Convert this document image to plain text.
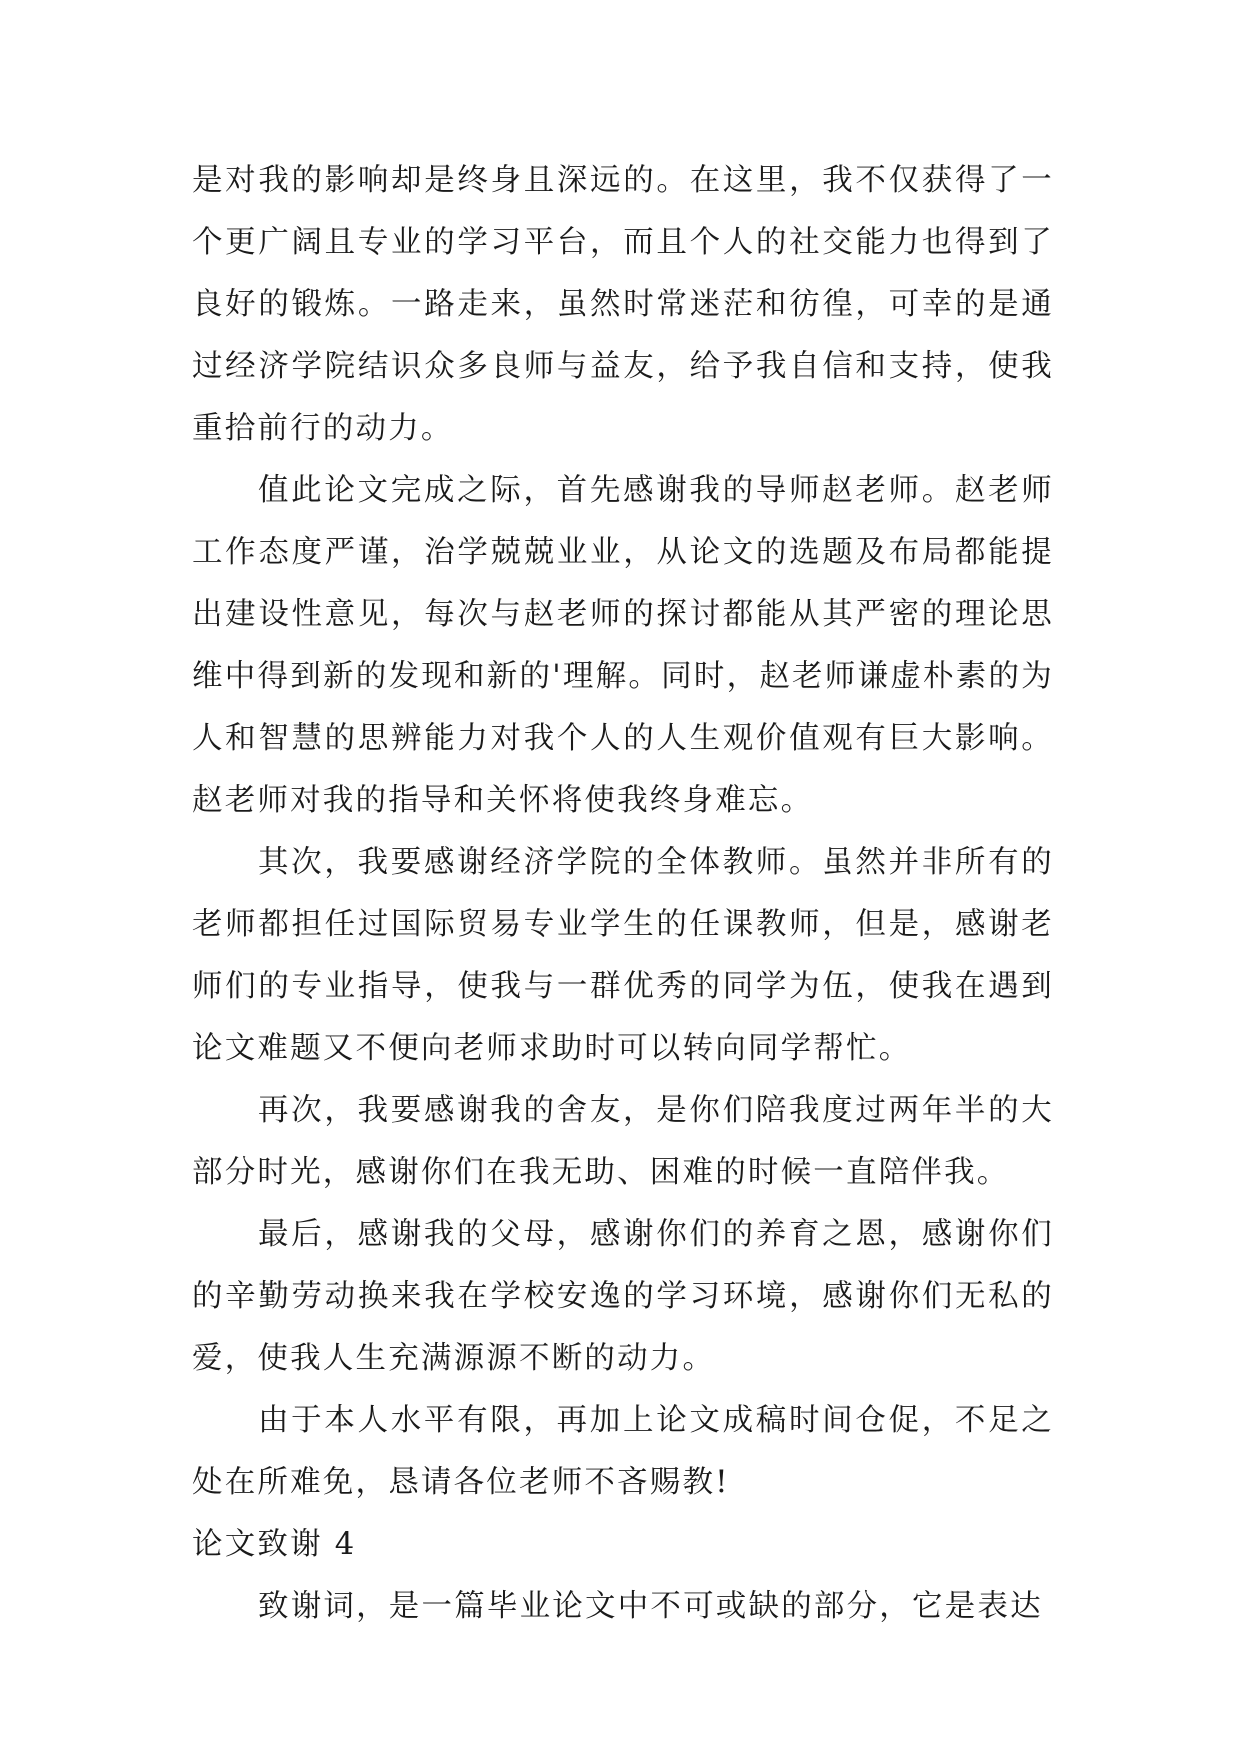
是对我的影响却是终身且深远的。在这里，我不仅获得了一个更广阔且专业的学习平台，而且个人的社交能力也得到了良好的锻炼。一路走来，虽然时常迷茫和彷徨，可幸的是通过经济学院结识众多良师与益友，给予我自信和支持，使我重拾前行的动力。

值此论文完成之际，首先感谢我的导师赵老师。赵老师工作态度严谨，治学兢兢业业，从论文的选题及布局都能提出建设性意见，每次与赵老师的探讨都能从其严密的理论思维中得到新的发现和新的'理解。同时，赵老师谦虚朴素的为人和智慧的思辨能力对我个人的人生观价值观有巨大影响。赵老师对我的指导和关怀将使我终身难忘。

其次，我要感谢经济学院的全体教师。虽然并非所有的老师都担任过国际贸易专业学生的任课教师，但是，感谢老师们的专业指导，使我与一群优秀的同学为伍，使我在遇到论文难题又不便向老师求助时可以转向同学帮忙。

再次，我要感谢我的舍友，是你们陪我度过两年半的大部分时光，感谢你们在我无助、困难的时候一直陪伴我。

最后，感谢我的父母，感谢你们的养育之恩，感谢你们的辛勤劳动换来我在学校安逸的学习环境，感谢你们无私的爱，使我人生充满源源不断的动力。

由于本人水平有限，再加上论文成稿时间仓促，不足之处在所难免，恳请各位老师不吝赐教!

论文致谢 4

致谢词，是一篇毕业论文中不可或缺的部分，它是表达
